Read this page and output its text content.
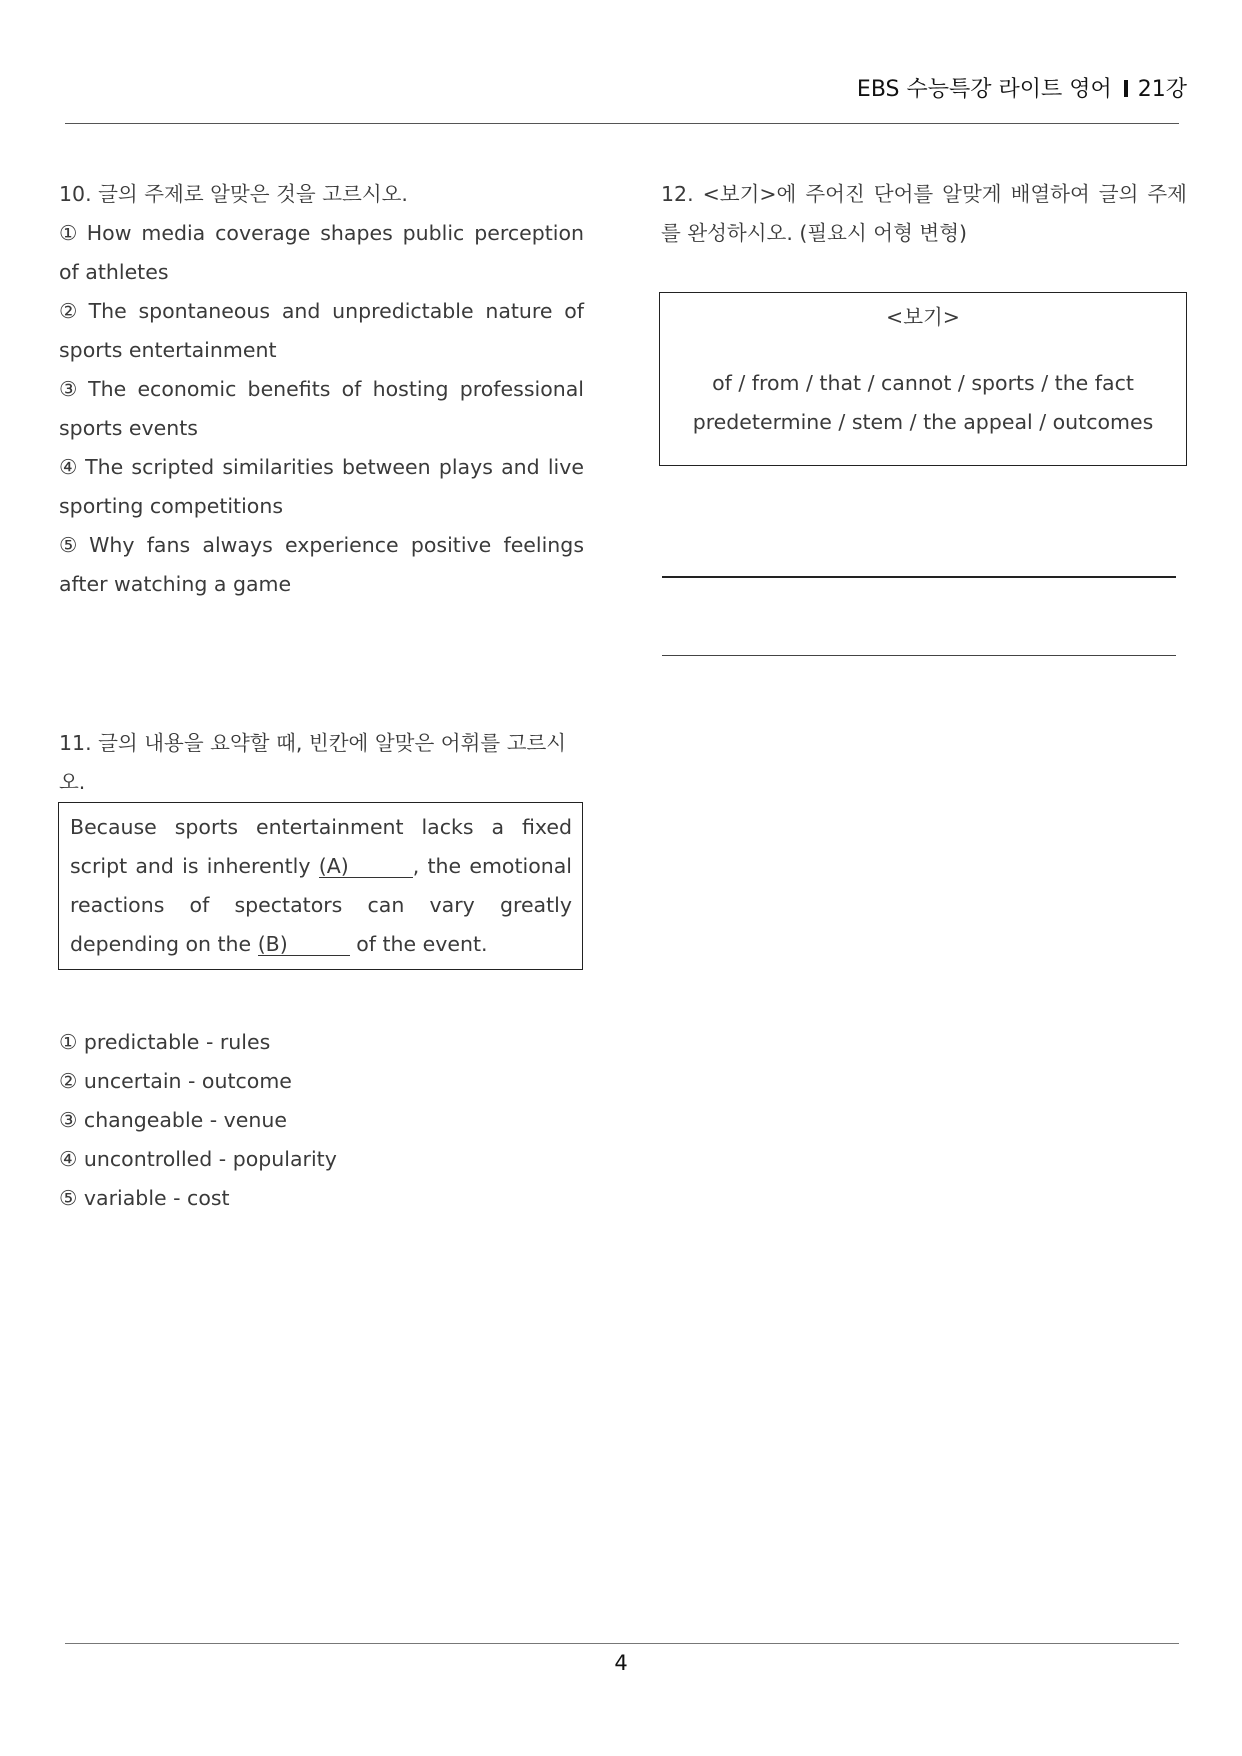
EBS 수능특강 라이트 영어 21강

10. 글의 주제로 알맞은 것을 고르시오.

① How media coverage shapes public perception of athletes

② The spontaneous and unpredictable nature of sports entertainment

③ The economic benefits of hosting professional sports events

④ The scripted similarities between plays and live sporting competitions

⑤ Why fans always experience positive feelings after watching a game

11. 글의 내용을 요약할 때, 빈칸에 알맞은 어휘를 고르시오.

Because sports entertainment lacks a fixed script and is inherently (A)	, the emotional reactions of spectators can vary greatly depending on the (B)	of the event.

① predictable - rules

② uncertain - outcome

③ changeable - venue

④ uncontrolled - popularity

⑤ variable - cost

12. <보기>에 주어진 단어를 알맞게 배열하여 글의 주제를 완성하시오. (필요시 어형 변형)

<보기>
of / from / that / cannot / sports / the fact
predetermine / stem / the appeal / outcomes
4
